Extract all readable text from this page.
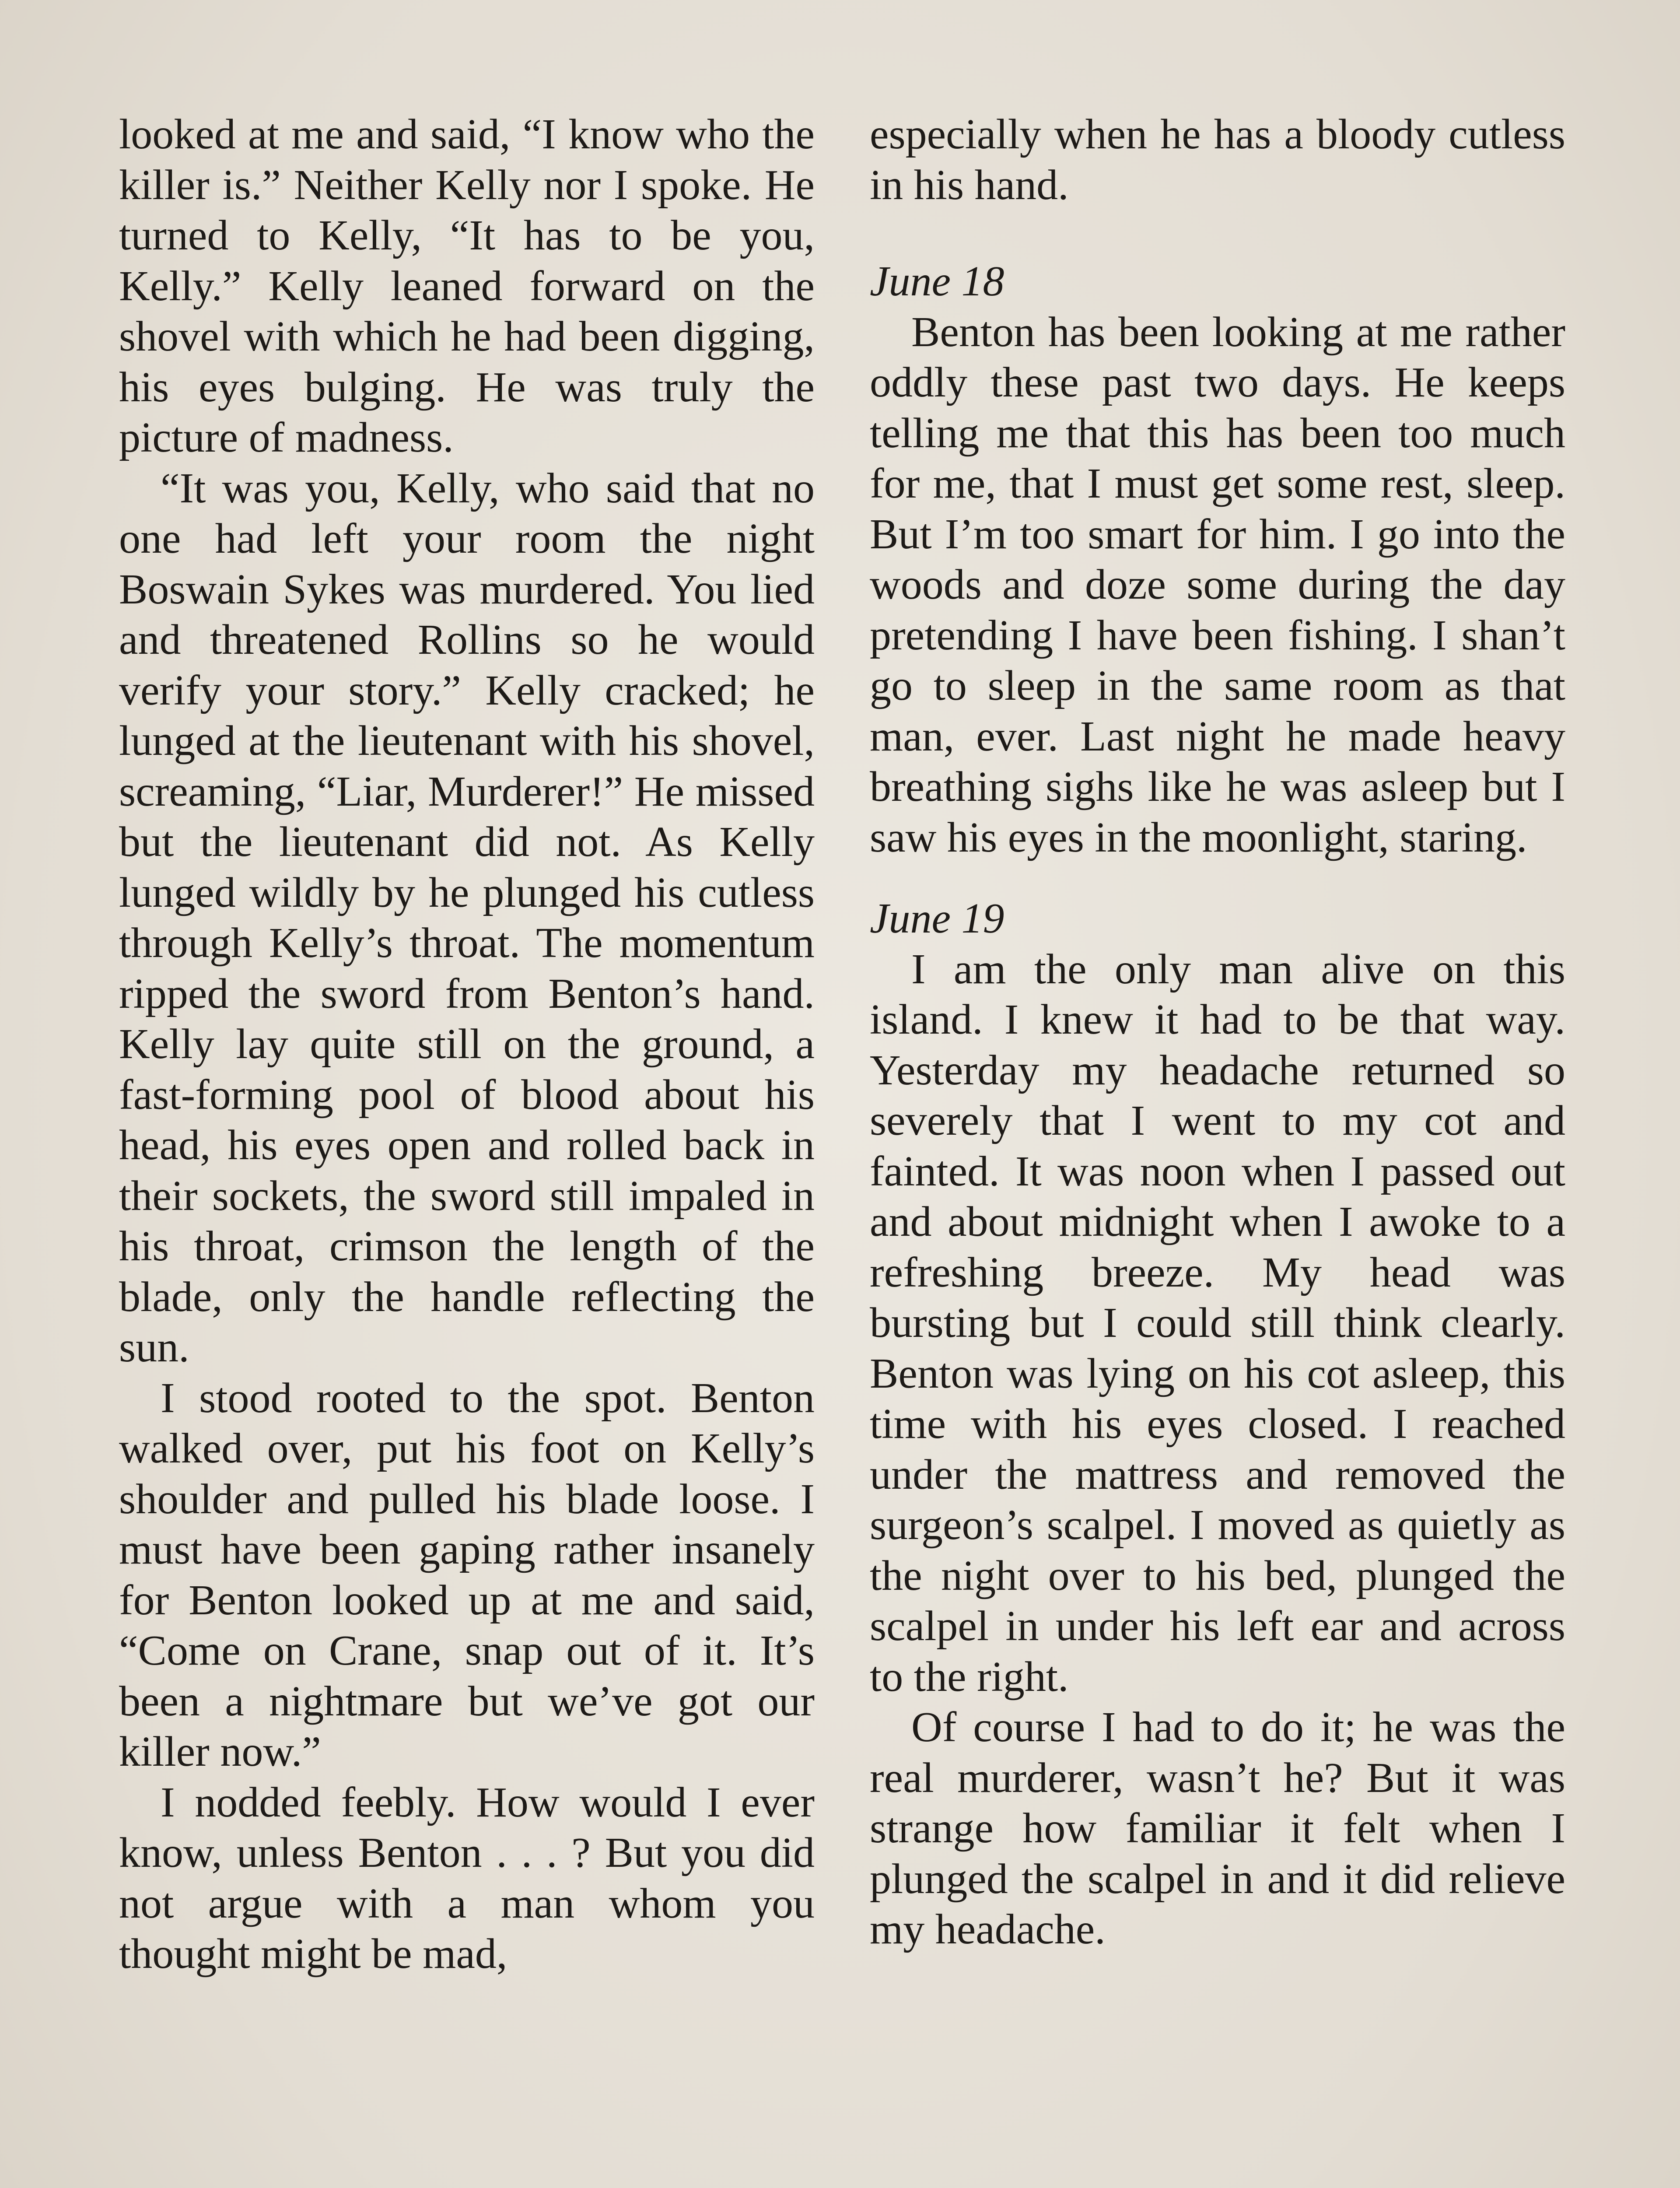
looked at me and said, “I know who the killer is.” Neither Kelly nor I spoke. He turned to Kelly, “It has to be you, Kelly.” Kelly leaned forward on the shovel with which he had been digging, his eyes bulging. He was truly the picture of madness.

“It was you, Kelly, who said that no one had left your room the night Boswain Sykes was murdered. You lied and threatened Rollins so he would verify your story.” Kelly cracked; he lunged at the lieutenant with his shovel, screaming, “Liar, Murderer!” He missed but the lieutenant did not. As Kelly lunged wildly by he plunged his cutless through Kelly’s throat. The momentum ripped the sword from Benton’s hand. Kelly lay quite still on the ground, a fast-forming pool of blood about his head, his eyes open and rolled back in their sockets, the sword still impaled in his throat, crimson the length of the blade, only the handle reflecting the sun.

I stood rooted to the spot. Benton walked over, put his foot on Kelly’s shoulder and pulled his blade loose. I must have been gaping rather insanely for Benton looked up at me and said, “Come on Crane, snap out of it. It’s been a nightmare but we’ve got our killer now.”

I nodded feebly. How would I ever know, unless Benton . . . ? But you did not argue with a man whom you thought might be mad,

especially when he has a bloody cutless in his hand.

June 18

Benton has been looking at me rather oddly these past two days. He keeps telling me that this has been too much for me, that I must get some rest, sleep. But I’m too smart for him. I go into the woods and doze some during the day pretending I have been fishing. I shan’t go to sleep in the same room as that man, ever. Last night he made heavy breathing sighs like he was asleep but I saw his eyes in the moonlight, staring.

June 19

I am the only man alive on this island. I knew it had to be that way. Yesterday my headache returned so severely that I went to my cot and fainted. It was noon when I passed out and about midnight when I awoke to a refreshing breeze. My head was bursting but I could still think clearly. Benton was lying on his cot asleep, this time with his eyes closed. I reached under the mattress and removed the surgeon’s scalpel. I moved as quietly as the night over to his bed, plunged the scalpel in under his left ear and across to the right.

Of course I had to do it; he was the real murderer, wasn’t he? But it was strange how familiar it felt when I plunged the scalpel in and it did relieve my headache.
